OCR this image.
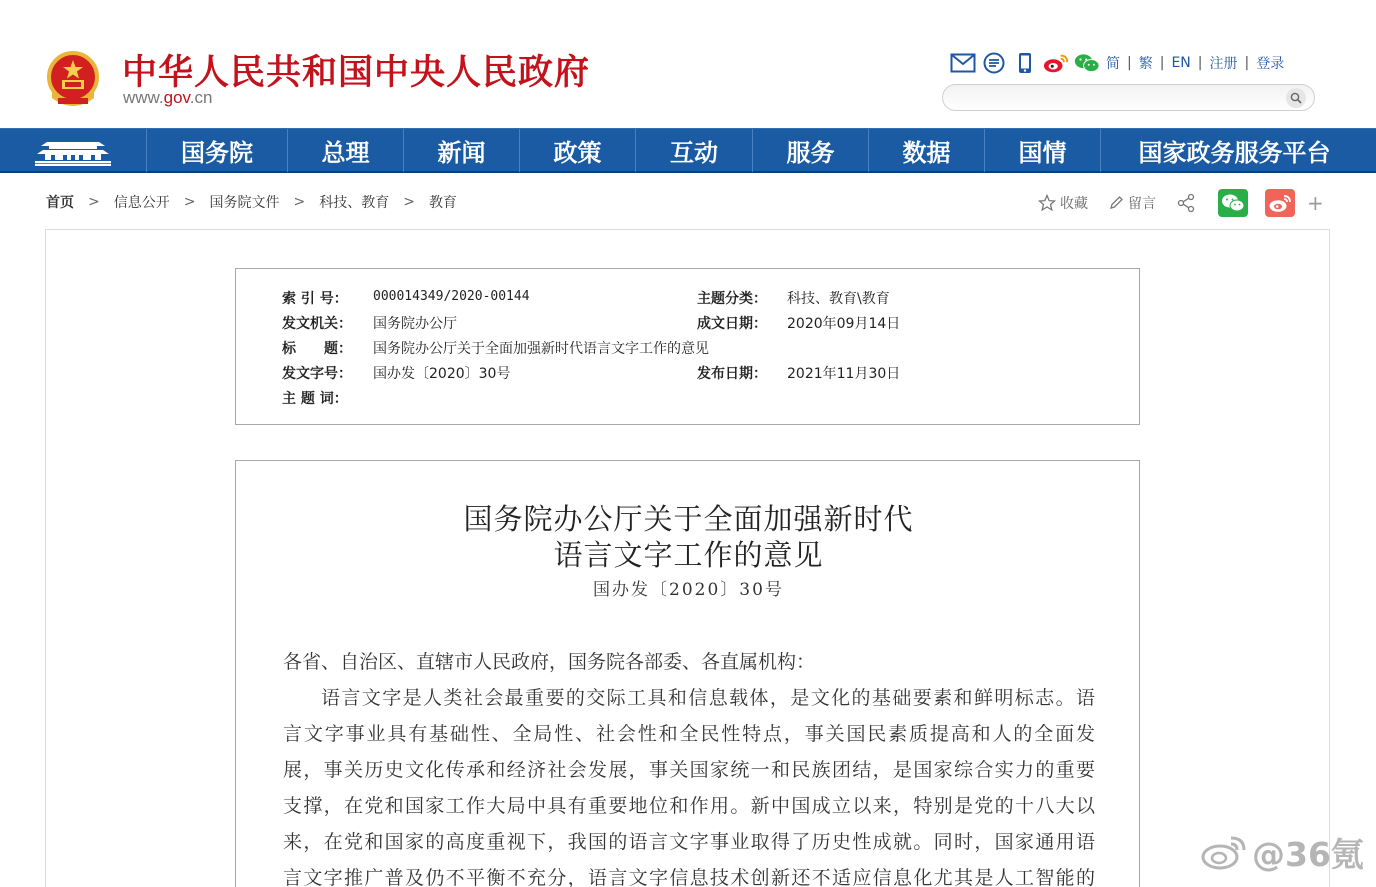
中华人民共和国中央人民政府
www.gov.cn
简 | 繁 | EN | 注册 | 登录
国务院	总理	新闻	政策	互动	服务	数据	国情	国家政务服务平台
首页 > 信息公开 > 国务院文件 > 科技、教育 > 教育	收藏	留言	+
索 引 号： 000014349/2020-00144	主题分类： 科技、教育\教育
发文机关： 国务院办公厅	成文日期： 2020年09月14日
标　　题： 国务院办公厅关于全面加强新时代语言文字工作的意见
发文字号： 国办发〔2020〕30号	发布日期： 2021年11月30日
主 题 词：
国务院办公厅关于全面加强新时代
语言文字工作的意见
国办发〔2020〕30号
各省、自治区、直辖市人民政府，国务院各部委、各直属机构：
语言文字是人类社会最重要的交际工具和信息载体，是文化的基础要素和鲜明标志。语
言文字事业具有基础性、全局性、社会性和全民性特点，事关国民素质提高和人的全面发
展，事关历史文化传承和经济社会发展，事关国家统一和民族团结，是国家综合实力的重要
支撑，在党和国家工作大局中具有重要地位和作用。新中国成立以来，特别是党的十八大以
来，在党和国家的高度重视下，我国的语言文字事业取得了历史性成就。同时，国家通用语
言文字推广普及仍不平衡不充分，语言文字信息技术创新还不适应信息化尤其是人工智能的
@36氪
